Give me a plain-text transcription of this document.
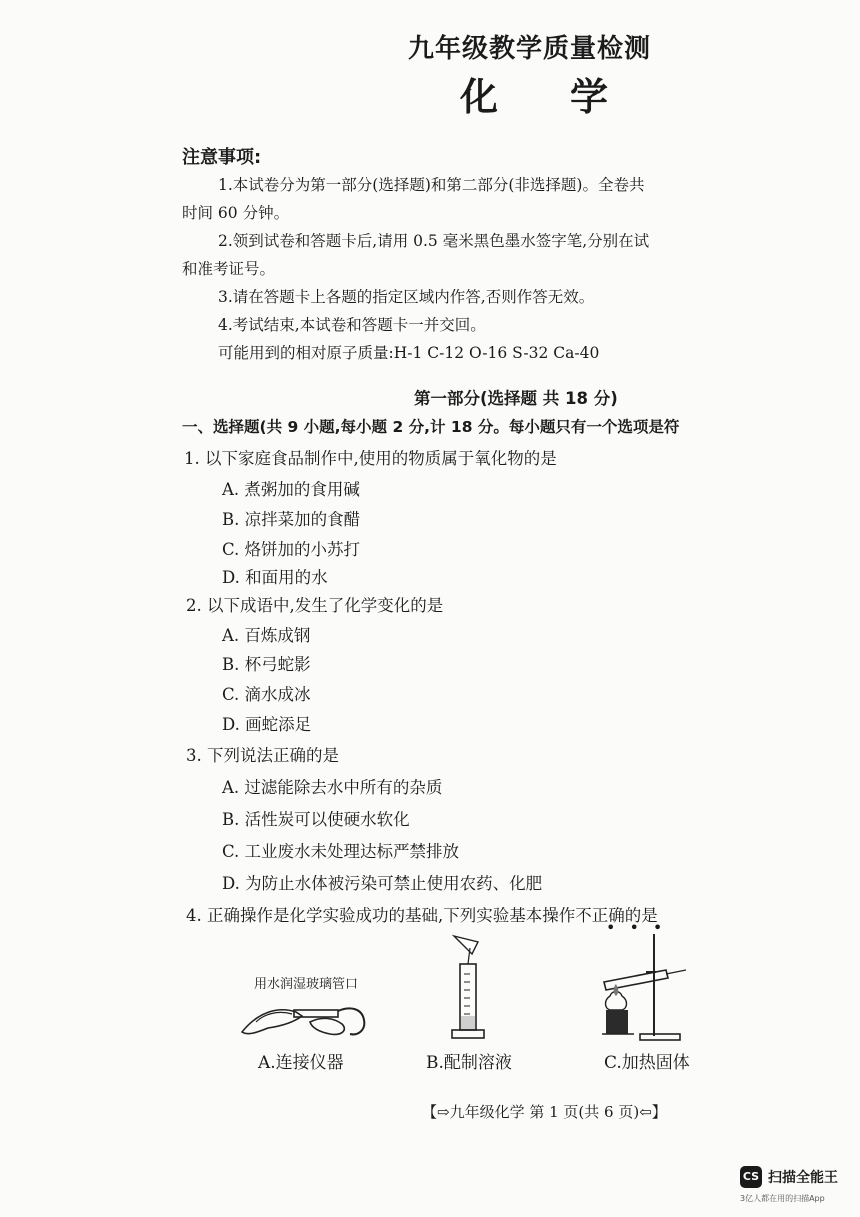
九年级教学质量检测
化学
注意事项:
1.本试卷分为第一部分(选择题)和第二部分(非选择题)。全卷共
时间 60 分钟。
2.领到试卷和答题卡后,请用 0.5 毫米黑色墨水签字笔,分别在试
和准考证号。
3.请在答题卡上各题的指定区域内作答,否则作答无效。
4.考试结束,本试卷和答题卡一并交回。
可能用到的相对原子质量:H-1 C-12 O-16 S-32 Ca-40
第一部分(选择题 共 18 分)
一、选择题(共 9 小题,每小题 2 分,计 18 分。每小题只有一个选项是符
1. 以下家庭食品制作中,使用的物质属于氧化物的是
A. 煮粥加的食用碱
B. 凉拌菜加的食醋
C. 烙饼加的小苏打
D. 和面用的水
2. 以下成语中,发生了化学变化的是
A. 百炼成钢
B. 杯弓蛇影
C. 滴水成冰
D. 画蛇添足
3. 下列说法正确的是
A. 过滤能除去水中所有的杂质
B. 活性炭可以使硬水软化
C. 工业废水未处理达标严禁排放
D. 为防止水体被污染可禁止使用农药、化肥
4. 正确操作是化学实验成功的基础,下列实验基本操作不正确的是
•••
用水润湿玻璃管口
A.连接仪器	B.配制溶液	C.加热固体
【⇨九年级化学 第 1 页(共 6 页)⇦】
CS 扫描全能王
3亿人都在用的扫描App
